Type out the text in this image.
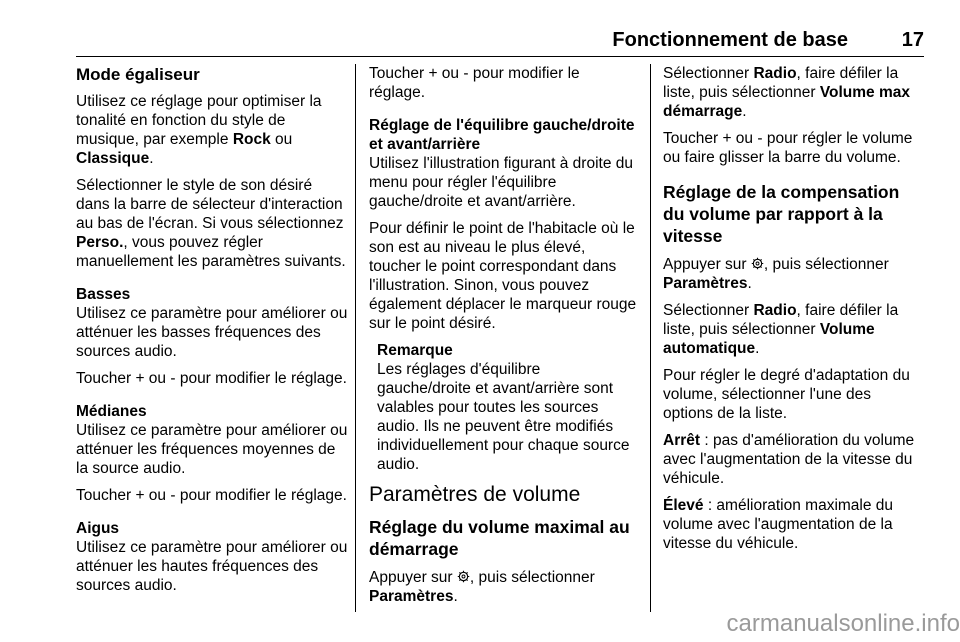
Fonctionnement de base	17
Mode égaliseur

Utilisez ce réglage pour optimiser la tonalité en fonction du style de musique, par exemple Rock ou Classique.

Sélectionner le style de son désiré dans la barre de sélecteur d'interaction au bas de l'écran. Si vous sélectionnez Perso., vous pouvez régler manuellement les paramètres suivants.

Basses

Utilisez ce paramètre pour améliorer ou atténuer les basses fréquences des sources audio.

Toucher + ou - pour modifier le réglage.

Médianes

Utilisez ce paramètre pour améliorer ou atténuer les fréquences moyennes de la source audio.

Toucher + ou - pour modifier le réglage.

Aigus

Utilisez ce paramètre pour améliorer ou atténuer les hautes fréquences des sources audio.

Toucher + ou - pour modifier le réglage.

Réglage de l'équilibre gauche/droite et avant/arrière

Utilisez l'illustration figurant à droite du menu pour régler l'équilibre gauche/droite et avant/arrière.

Pour définir le point de l'habitacle où le son est au niveau le plus élevé, toucher le point correspondant dans l'illustration. Sinon, vous pouvez également déplacer le marqueur rouge sur le point désiré.

Remarque

Les réglages d'équilibre gauche/droite et avant/arrière sont valables pour toutes les sources audio. Ils ne peuvent être modifiés individuellement pour chaque source audio.

Paramètres de volume
Réglage du volume maximal au démarrage

Appuyer sur , puis sélectionner Paramètres.

Sélectionner Radio, faire défiler la liste, puis sélectionner Volume max démarrage.

Toucher + ou - pour régler le volume ou faire glisser la barre du volume.

Réglage de la compensation du volume par rapport à la vitesse

Appuyer sur , puis sélectionner Paramètres.

Sélectionner Radio, faire défiler la liste, puis sélectionner Volume automatique.

Pour régler le degré d'adaptation du volume, sélectionner l'une des options de la liste.

Arrêt : pas d'amélioration du volume avec l'augmentation de la vitesse du véhicule.

Élevé : amélioration maximale du volume avec l'augmentation de la vitesse du véhicule.

carmanualsonline.info
